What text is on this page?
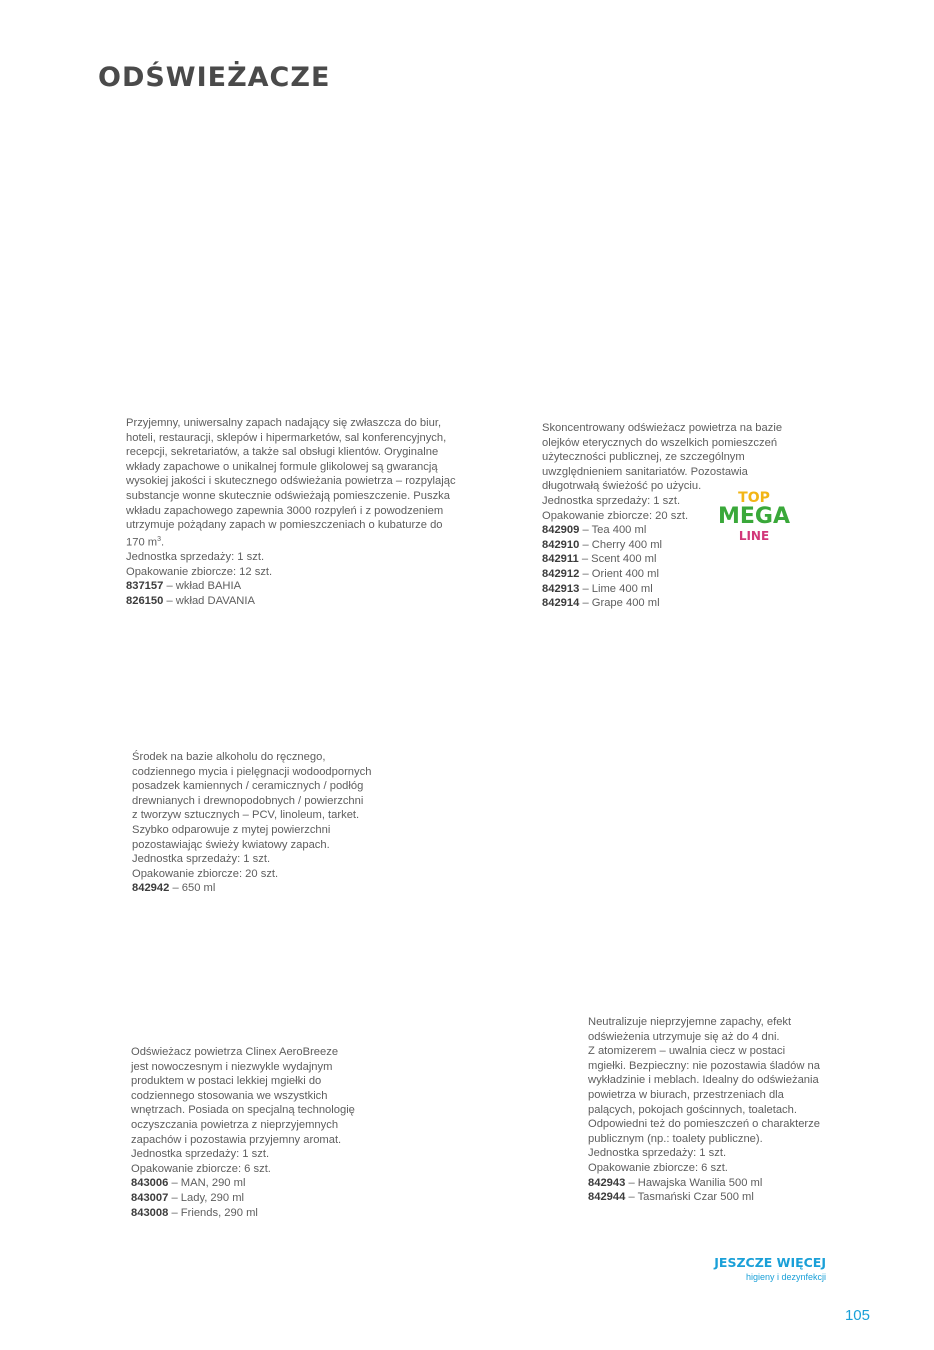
ODŚWIEŻACZE

Przyjemny, uniwersalny zapach nadający się zwłaszcza do biur,

hoteli, restauracji, sklepów i hipermarketów, sal konferencyjnych,

recepcji, sekretariatów, a także sal obsługi klientów. Oryginalne

wkłady zapachowe o unikalnej formule glikolowej są gwarancją

wysokiej jakości i skutecznego odświeżania powietrza – rozpylając

substancje wonne skutecznie odświeżają pomieszczenie. Puszka

wkładu zapachowego zapewnia 3000 rozpyleń i z powodzeniem

utrzymuje pożądany zapach w pomieszczeniach o kubaturze do

170 $m^3$.

Jednostka sprzedaży: 1 szt.

Opakowanie zbiorcze: 12 szt.

837157 – wkład BAHIA

826150 – wkład DAVANIA

Skoncentrowany odświeżacz powietrza na bazie

olejków eterycznych do wszelkich pomieszczeń

użyteczności publicznej, ze szczególnym

uwzględnieniem sanitariatów. Pozostawia

długotrwałą świeżość po użyciu.

Jednostka sprzedaży: 1 szt.

Opakowanie zbiorcze: 20 szt.

842909 – Tea 400 ml

842910 – Cherry 400 ml

842911 – Scent 400 ml

842912 – Orient 400 ml

842913 – Lime 400 ml

842914 – Grape 400 ml

TOP
MEGA
LINE

Środek na bazie alkoholu do ręcznego,

codziennego mycia i pielęgnacji wodoodpornych

posadzek kamiennych / ceramicznych / podłóg

drewnianych i drewnopodobnych / powierzchni

z tworzyw sztucznych – PCV, linoleum, tarket.

Szybko odparowuje z mytej powierzchni

pozostawiając świeży kwiatowy zapach.

Jednostka sprzedaży: 1 szt.

Opakowanie zbiorcze: 20 szt.

842942 – 650 ml

Odświeżacz powietrza Clinex AeroBreeze

jest nowoczesnym i niezwykle wydajnym

produktem w postaci lekkiej mgiełki do

codziennego stosowania we wszystkich

wnętrzach. Posiada on specjalną technologię

oczyszczania powietrza z nieprzyjemnych

zapachów i pozostawia przyjemny aromat.

Jednostka sprzedaży: 1 szt.

Opakowanie zbiorcze: 6 szt.

843006 – MAN, 290 ml

843007 – Lady, 290 ml

843008 – Friends, 290 ml

Neutralizuje nieprzyjemne zapachy, efekt

odświeżenia utrzymuje się aż do 4 dni.

Z atomizerem – uwalnia ciecz w postaci

mgiełki. Bezpieczny: nie pozostawia śladów na

wykładzinie i meblach. Idealny do odświeżania

powietrza w biurach, przestrzeniach dla

palących, pokojach gościnnych, toaletach.

Odpowiedni też do pomieszczeń o charakterze

publicznym (np.: toalety publiczne).

Jednostka sprzedaży: 1 szt.

Opakowanie zbiorcze: 6 szt.

842943 – Hawajska Wanilia 500 ml

842944 – Tasmański Czar 500 ml

JESZCZE WIĘCEJ
higieny i dezynfekcji
105
